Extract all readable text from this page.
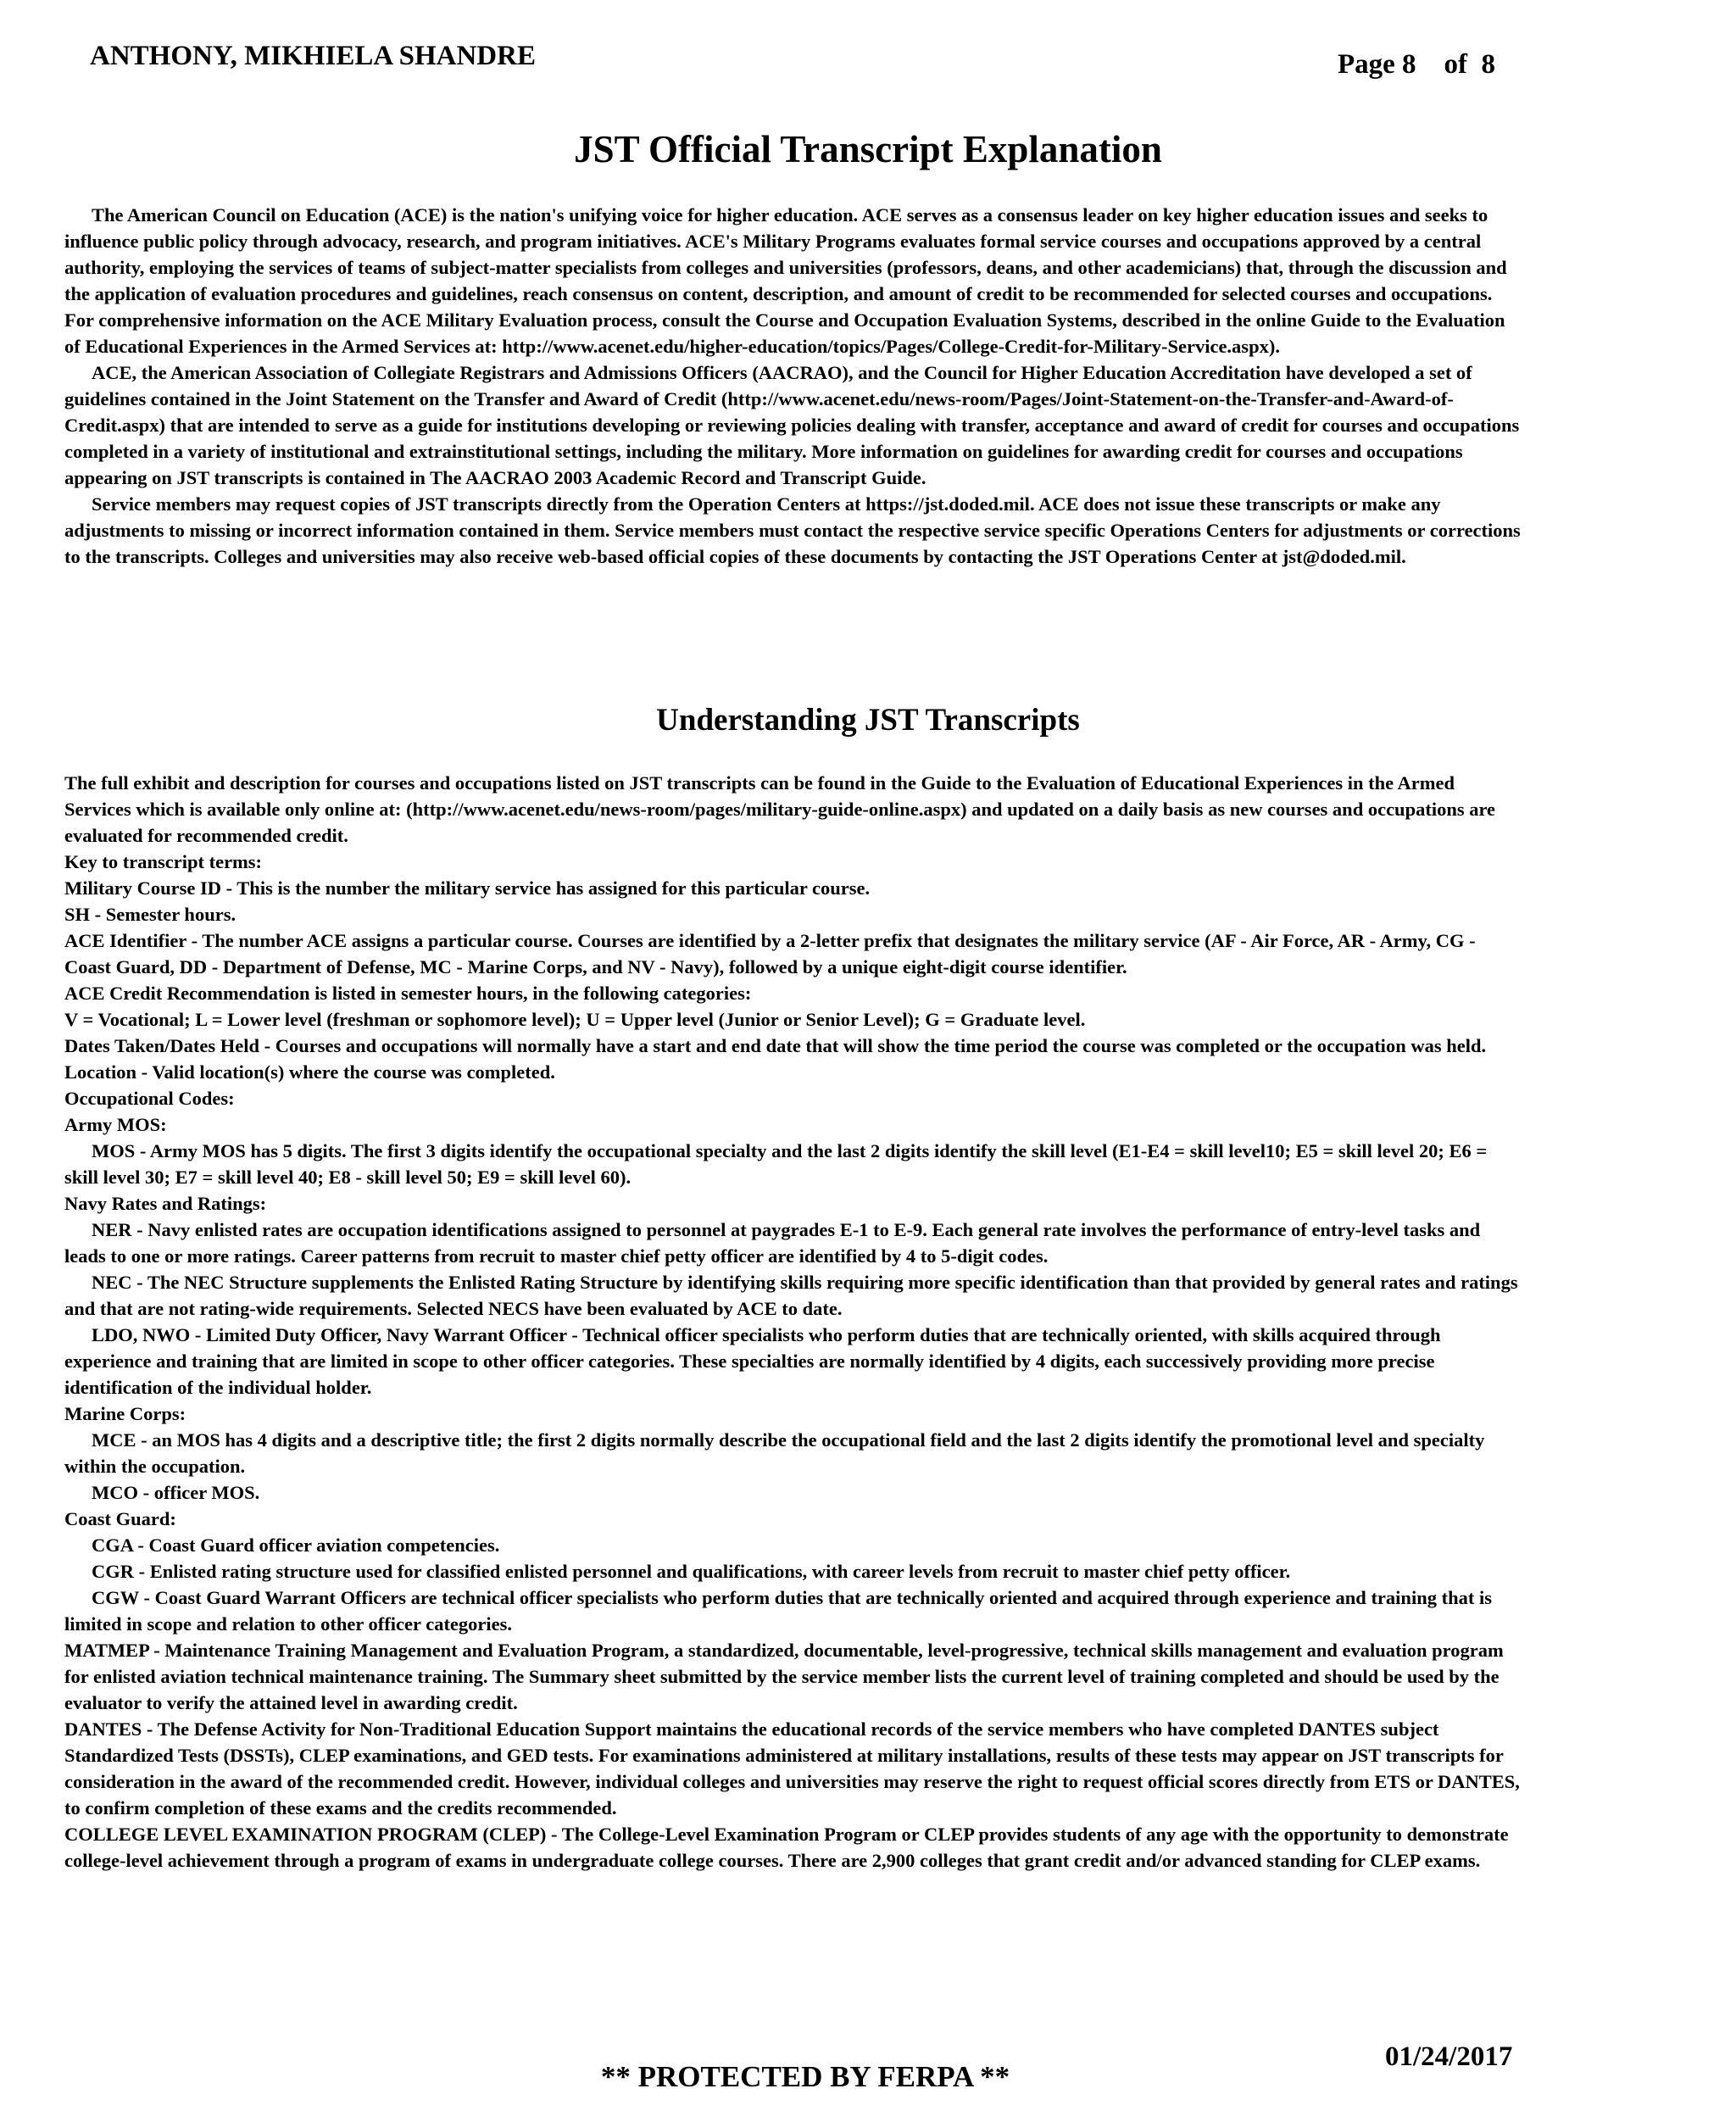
ANTHONY, MIKHIELA SHANDRE	Page 8    of  8
JST Official Transcript Explanation

The American Council on Education (ACE) is the nation's unifying voice for higher education. ACE serves as a consensus leader on key higher education issues and seeks to influence public policy through advocacy, research, and program initiatives. ACE's Military Programs evaluates formal service courses and occupations approved by a central authority, employing the services of teams of subject-matter specialists from colleges and universities (professors, deans, and other academicians) that, through the discussion and the application of evaluation procedures and guidelines, reach consensus on content, description, and amount of credit to be recommended for selected courses and occupations. For comprehensive information on the ACE Military Evaluation process, consult the Course and Occupation Evaluation Systems, described in the online Guide to the Evaluation of Educational Experiences in the Armed Services at: http://www.acenet.edu/higher-education/topics/Pages/College-Credit-for-Military-Service.aspx).

ACE, the American Association of Collegiate Registrars and Admissions Officers (AACRAO), and the Council for Higher Education Accreditation have developed a set of guidelines contained in the Joint Statement on the Transfer and Award of Credit (http://www.acenet.edu/news-room/Pages/Joint-Statement-on-the-Transfer-and-Award-of-Credit.aspx) that are intended to serve as a guide for institutions developing or reviewing policies dealing with transfer, acceptance and award of credit for courses and occupations completed in a variety of institutional and extrainstitutional settings, including the military. More information on guidelines for awarding credit for courses and occupations appearing on JST transcripts is contained in The AACRAO 2003 Academic Record and Transcript Guide.

Service members may request copies of JST transcripts directly from the Operation Centers at https://jst.doded.mil. ACE does not issue these transcripts or make any adjustments to missing or incorrect information contained in them. Service members must contact the respective service specific Operations Centers for adjustments or corrections to the transcripts. Colleges and universities may also receive web-based official copies of these documents by contacting the JST Operations Center at jst@doded.mil.

Understanding JST Transcripts

The full exhibit and description for courses and occupations listed on JST transcripts can be found in the Guide to the Evaluation of Educational Experiences in the Armed Services which is available only online at: (http://www.acenet.edu/news-room/pages/military-guide-online.aspx) and updated on a daily basis as new courses and occupations are evaluated for recommended credit.

Key to transcript terms:

Military Course ID - This is the number the military service has assigned for this particular course.

SH - Semester hours.

ACE Identifier - The number ACE assigns a particular course. Courses are identified by a 2-letter prefix that designates the military service (AF - Air Force, AR - Army, CG - Coast Guard, DD - Department of Defense, MC - Marine Corps, and NV - Navy), followed by a unique eight-digit course identifier.

ACE Credit Recommendation is listed in semester hours, in the following categories:

V = Vocational; L = Lower level (freshman or sophomore level); U = Upper level (Junior or Senior Level); G = Graduate level.

Dates Taken/Dates Held - Courses and occupations will normally have a start and end date that will show the time period the course was completed or the occupation was held.

Location - Valid location(s) where the course was completed.

Occupational Codes:

Army MOS:

MOS - Army MOS has 5 digits. The first 3 digits identify the occupational specialty and the last 2 digits identify the skill level (E1-E4 = skill level10; E5 = skill level 20; E6 = skill level 30; E7 = skill level 40; E8 - skill level 50; E9 = skill level 60).

Navy Rates and Ratings:

NER - Navy enlisted rates are occupation identifications assigned to personnel at paygrades E-1 to E-9. Each general rate involves the performance of entry-level tasks and leads to one or more ratings. Career patterns from recruit to master chief petty officer are identified by 4 to 5-digit codes.

NEC - The NEC Structure supplements the Enlisted Rating Structure by identifying skills requiring more specific identification than that provided by general rates and ratings and that are not rating-wide requirements. Selected NECS have been evaluated by ACE to date.

LDO, NWO - Limited Duty Officer, Navy Warrant Officer - Technical officer specialists who perform duties that are technically oriented, with skills acquired through experience and training that are limited in scope to other officer categories. These specialties are normally identified by 4 digits, each successively providing more precise identification of the individual holder.

Marine Corps:

MCE - an MOS has 4 digits and a descriptive title; the first 2 digits normally describe the occupational field and the last 2 digits identify the promotional level and specialty within the occupation.

MCO - officer MOS.

Coast Guard:

CGA - Coast Guard officer aviation competencies.

CGR - Enlisted rating structure used for classified enlisted personnel and qualifications, with career levels from recruit to master chief petty officer.

CGW - Coast Guard Warrant Officers are technical officer specialists who perform duties that are technically oriented and acquired through experience and training that is limited in scope and relation to other officer categories.

MATMEP - Maintenance Training Management and Evaluation Program, a standardized, documentable, level-progressive, technical skills management and evaluation program for enlisted aviation technical maintenance training. The Summary sheet submitted by the service member lists the current level of training completed and should be used by the evaluator to verify the attained level in awarding credit.

DANTES - The Defense Activity for Non-Traditional Education Support maintains the educational records of the service members who have completed DANTES subject Standardized Tests (DSSTs), CLEP examinations, and GED tests. For examinations administered at military installations, results of these tests may appear on JST transcripts for consideration in the award of the recommended credit. However, individual colleges and universities may reserve the right to request official scores directly from ETS or DANTES, to confirm completion of these exams and the credits recommended.

COLLEGE LEVEL EXAMINATION PROGRAM (CLEP) - The College-Level Examination Program or CLEP provides students of any age with the opportunity to demonstrate college-level achievement through a program of exams in undergraduate college courses. There are 2,900 colleges that grant credit and/or advanced standing for CLEP exams.

01/24/2017
** PROTECTED BY FERPA **
